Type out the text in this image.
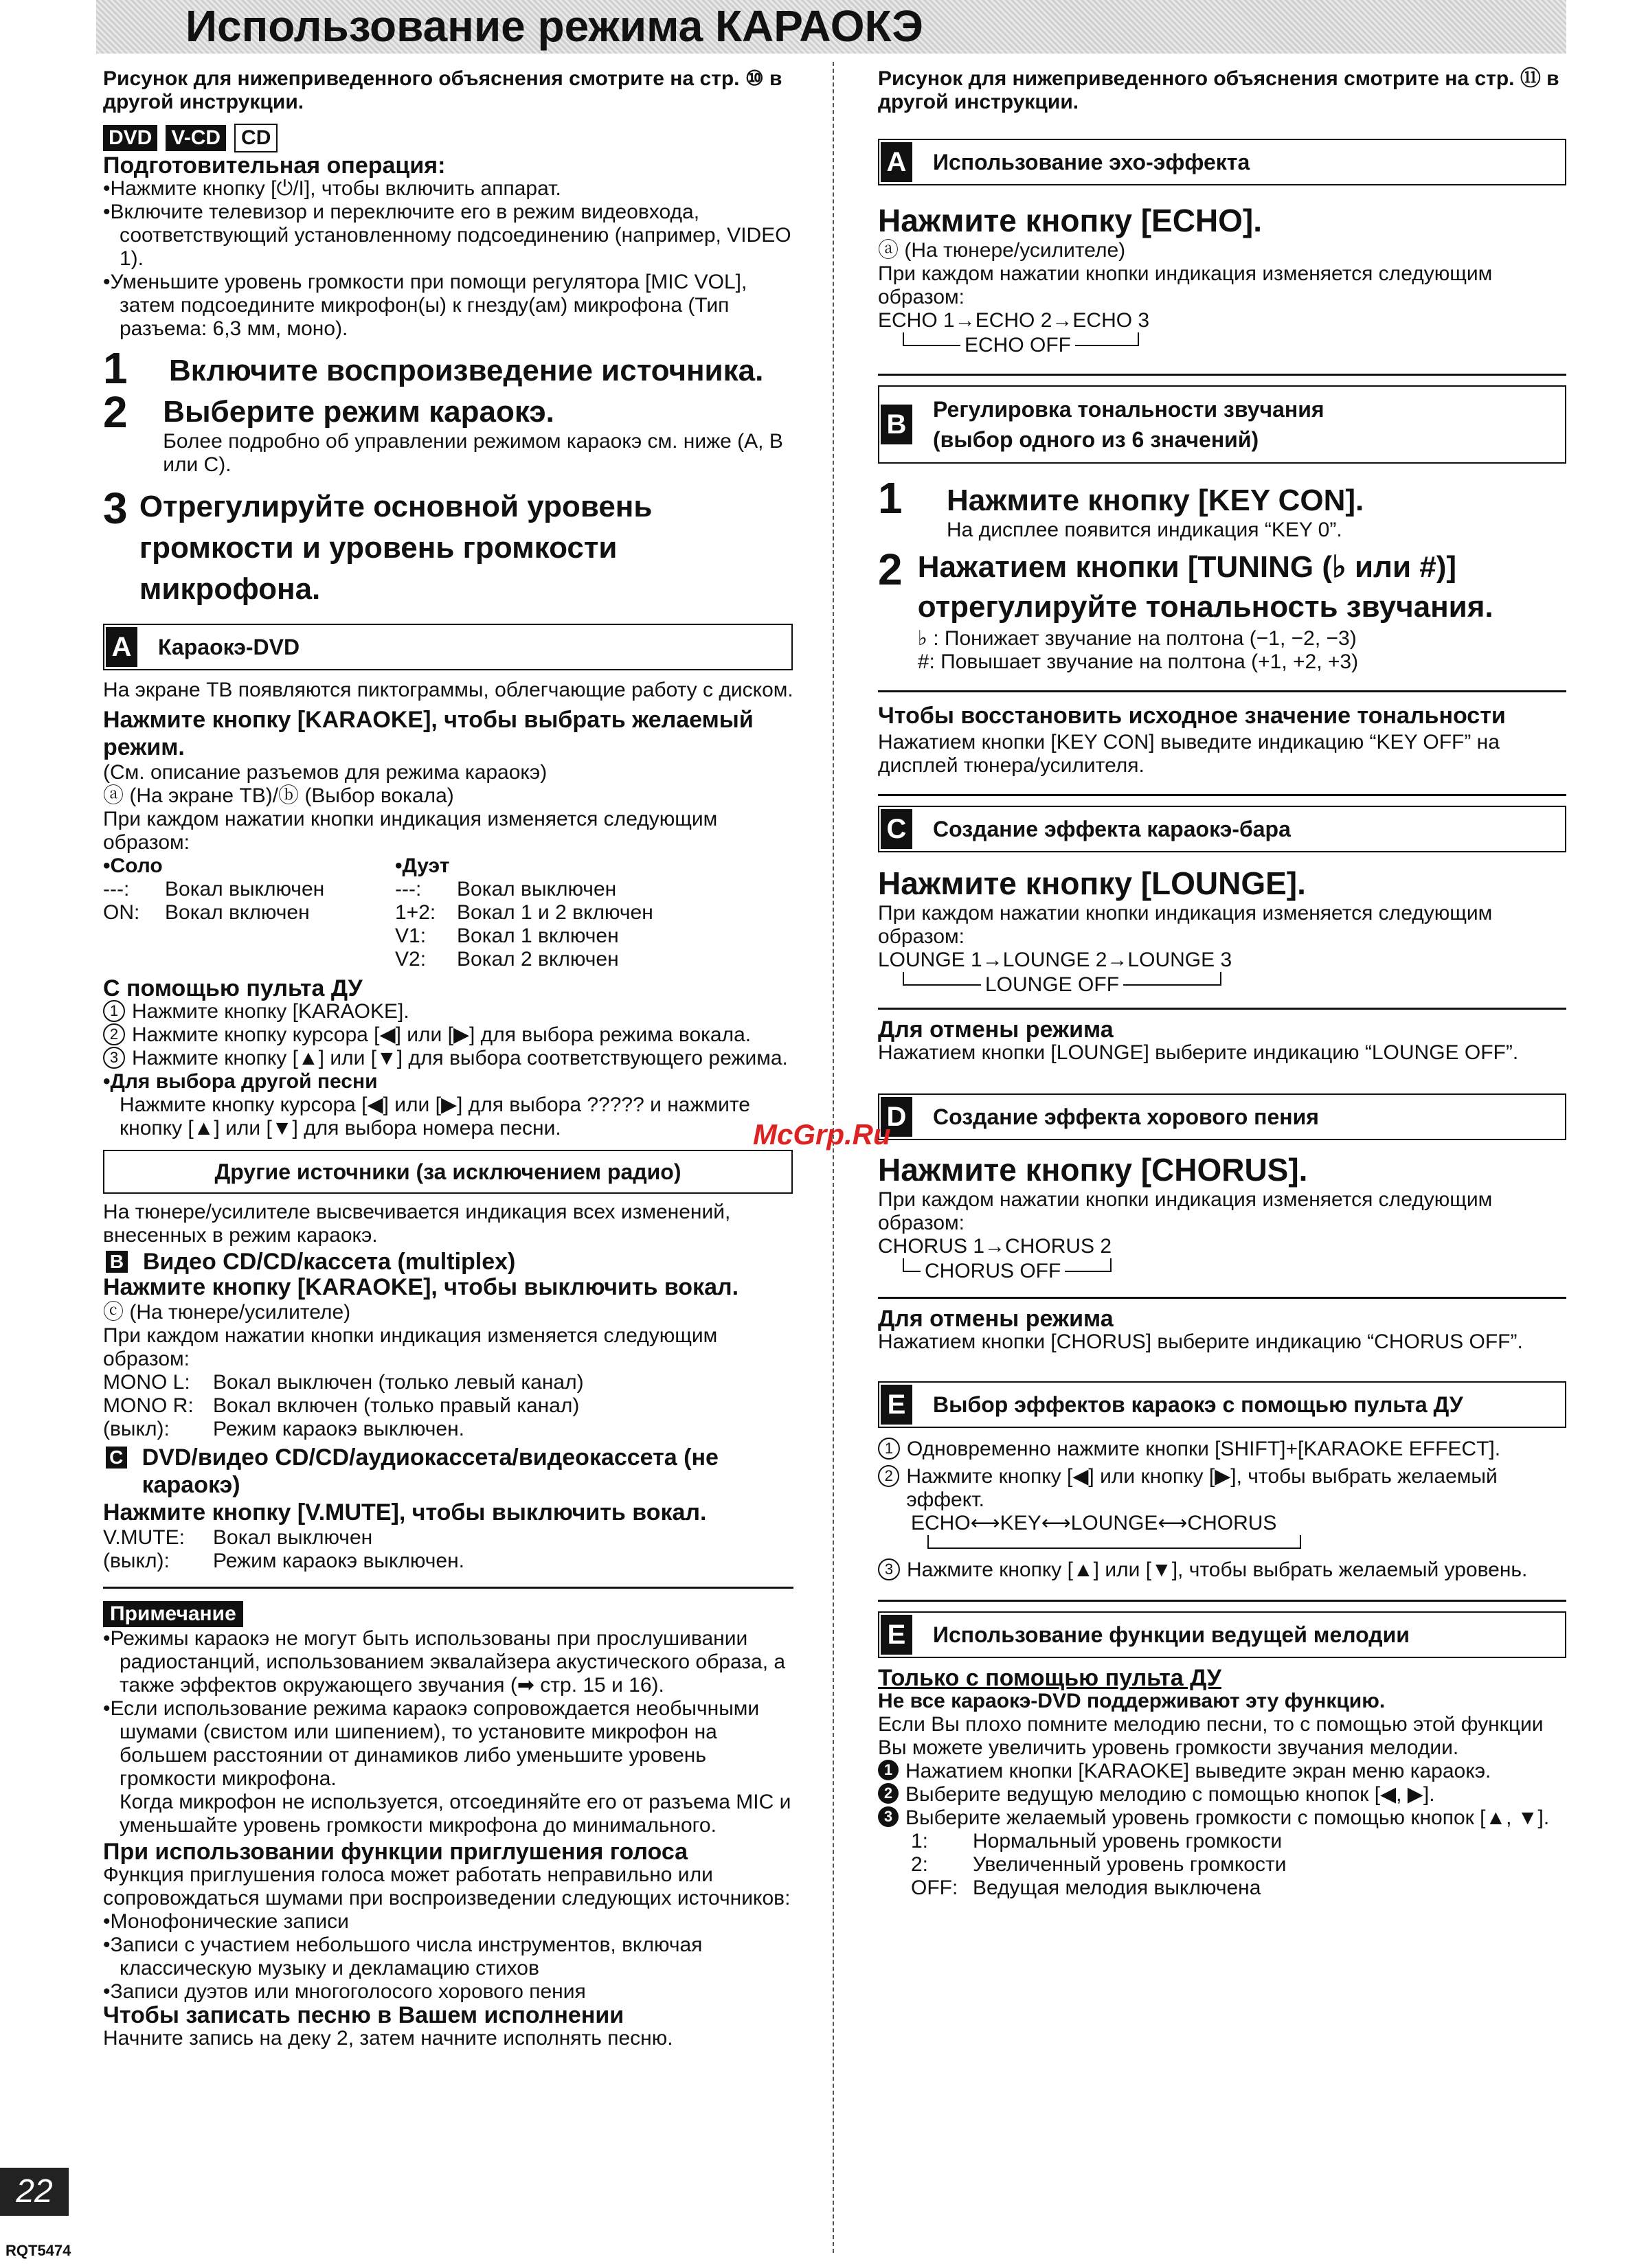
Использование режима КАРАОКЭ

Рисунок для нижеприведенного объяснения смотрите на стр. ⑩ в другой инструкции.

DVD V-CD CD

Подготовительная операция:

•Нажмите кнопку [⏻/I], чтобы включить аппарат.

•Включите телевизор и переключите его в режим видеовхода, соответствующий установленному подсоединению (например, VIDEO 1).

•Уменьшите уровень громкости при помощи регулятора [MIC VOL], затем подсоедините микрофон(ы) к гнезду(ам) микрофона (Тип разъема: 6,3 мм, моно).

1	Включите воспроизведение источника.
2	Выберите режим караокэ.

Более подробно об управлении режимом караокэ см. ниже (A, B или C).

3 Отрегулируйте основной уровень громкости и уровень громкости микрофона.
A Караокэ-DVD

На экране ТВ появляются пиктограммы, облегчающие работу с диском.

Нажмите кнопку [KARAOKE], чтобы выбрать желаемый режим.

(См. описание разъемов для режима караокэ)

ⓐ (На экране ТВ)/ⓑ (Выбор вокала)

При каждом нажатии кнопки индикация изменяется следующим образом:

•Соло

---:	Вокал выключен
ON:	Вокал включен

•Дуэт

---:	Вокал выключен
1+2:	Вокал 1 и 2 включен
V1:	Вокал 1 включен
V2:	Вокал 2 включен

С помощью пульта ДУ

1 Нажмите кнопку [KARAOKE].
2 Нажмите кнопку курсора [◀] или [▶] для выбора режима вокала.
3 Нажмите кнопку [▲] или [▼] для выбора соответствующего режима.

•Для выбора другой песни

Нажмите кнопку курсора [◀] или [▶] для выбора ????? и нажмите кнопку [▲] или [▼] для выбора номера песни.

Другие источники (за исключением радио)

На тюнере/усилителе высвечивается индикация всех изменений, внесенных в режим караокэ.

B Видео CD/CD/кассета (multiplex)

Нажмите кнопку [KARAOKE], чтобы выключить вокал.

ⓒ (На тюнере/усилителе)

При каждом нажатии кнопки индикация изменяется следующим образом:

MONO L:	Вокал выключен (только левый канал)
MONO R: Вокал включен (только правый канал)
(выкл):	Режим караокэ выключен.
C DVD/видео CD/CD/аудиокассета/видеокассета (не караокэ)

Нажмите кнопку [V.MUTE], чтобы выключить вокал.

V.MUTE:	Вокал выключен
(выкл):	Режим караокэ выключен.
Примечание

•Режимы караокэ не могут быть использованы при прослушивании радиостанций, использованием эквалайзера акустического образа, а также эффектов окружающего звучания (➡ стр. 15 и 16).

•Если использование режима караокэ сопровождается необычными шумами (свистом или шипением), то установите микрофон на большем расстоянии от динамиков либо уменьшите уровень громкости микрофона.

Когда микрофон не используется, отсоединяйте его от разъема MIC и уменьшайте уровень громкости микрофона до минимального.

При использовании функции приглушения голоса

Функция приглушения голоса может работать неправильно или сопровождаться шумами при воспроизведении следующих источников:

•Монофонические записи

•Записи с участием небольшого числа инструментов, включая классическую музыку и декламацию стихов

•Записи дуэтов или многоголосого хорового пения

Чтобы записать песню в Вашем исполнении

Начните запись на деку 2, затем начните исполнять песню.

22
RQT5474

Рисунок для нижеприведенного объяснения смотрите на стр. ⑪ в другой инструкции.

A Использование эхо-эффекта

Нажмите кнопку [ECHO].

ⓐ (На тюнере/усилителе)

При каждом нажатии кнопки индикация изменяется следующим образом:

ECHO 1→ECHO 2→ECHO 3

ECHO OFF
B Регулировка тональности звучания

(выбор одного из 6 значений)

1	Нажмите кнопку [KEY CON].

На дисплее появится индикация “KEY 0”.

2 Нажатием кнопки [TUNING (♭ или #)] отрегулируйте тональность звучания.

♭ : Понижает звучание на полтона (−1, −2, −3)

#: Повышает звучание на полтона (+1, +2, +3)

Чтобы восстановить исходное значение тональности

Нажатием кнопки [KEY CON] выведите индикацию “KEY OFF” на дисплей тюнера/усилителя.

C Создание эффекта караокэ-бара

Нажмите кнопку [LOUNGE].

При каждом нажатии кнопки индикация изменяется следующим образом:

LOUNGE 1→LOUNGE 2→LOUNGE 3

LOUNGE OFF

Для отмены режима

Нажатием кнопки [LOUNGE] выберите индикацию “LOUNGE OFF”.

D Создание эффекта хорового пения

Нажмите кнопку [CHORUS].

При каждом нажатии кнопки индикация изменяется следующим образом:

CHORUS 1→CHORUS 2

CHORUS OFF

Для отмены режима

Нажатием кнопки [CHORUS] выберите индикацию “CHORUS OFF”.

E	Выбор эффектов караокэ с помощью пульта ДУ
1 Одновременно нажмите кнопки [SHIFT]+[KARAOKE EFFECT].
2 Нажмите кнопку [◀] или кнопку [▶], чтобы выбрать желаемый эффект.

ECHO⟷KEY⟷LOUNGE⟷CHORUS

3 Нажмите кнопку [▲] или [▼], чтобы выбрать желаемый уровень.
E	Использование функции ведущей мелодии

Только с помощью пульта ДУ

Не все караокэ-DVD поддерживают эту функцию.

Если Вы плохо помните мелодию песни, то с помощью этой функции Вы можете увеличить уровень громкости звучания мелодии.

1 Нажатием кнопки [KARAOKE] выведите экран меню караокэ.
2 Выберите ведущую мелодию с помощью кнопок [◀, ▶].
3 Выберите желаемый уровень громкости с помощью кнопок [▲, ▼].
1:	Нормальный уровень громкости
2:	Увеличенный уровень громкости
OFF: Ведущая мелодия выключена
McGrp.Ru
